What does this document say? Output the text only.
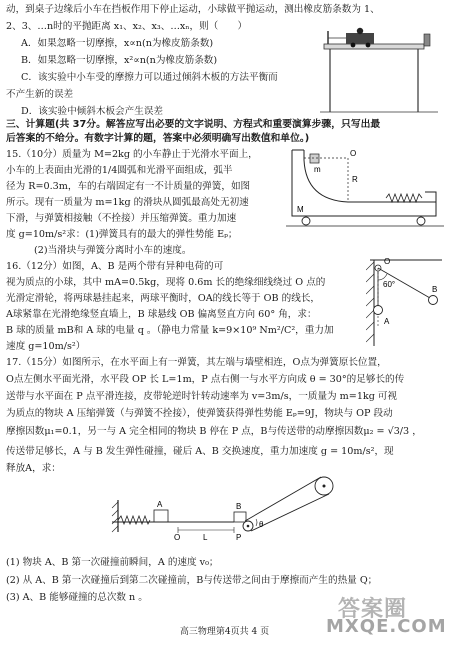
动，到桌子边缘后小车在挡板作用下停止运动，小球做平抛运动，测出橡皮筋条数为 1、
2、3、…n时的平抛距离 x₁、x₂、x₃、…xₙ，则（　　）
A．如果忽略一切摩擦，x∝n(n为橡皮筋条数)
B．如果忽略一切摩擦，x²∝n(n为橡皮筋条数)
C．该实验中小车受的摩擦力可以通过倾斜木板的方法平衡而
不产生新的误差
D．该实验中倾斜木板会产生误差
三、计算题(共 37分。解答应写出必要的文字说明、方程式和重要演算步骤，只写出最
后答案的不给分。有数字计算的题，答案中必须明确写出数值和单位。)
15.（10分）质量为 M=2kg 的小车静止于光滑水平面上，
小车的上表面由光滑的1/4圆弧和光滑平面组成，弧半
径为 R=0.3m，车的右端固定有一不计质量的弹簧，如图
所示。现有一质量为 m=1kg 的滑块从圆弧最高处无初速
下滑，与弹簧相接触（不拴接）并压缩弹簧。重力加速
度 g=10m/s²求：(1)弹簧具有的最大的弹性势能 Eₚ；
(2)当滑块与弹簧分离时小车的速度。
m
O
R
M
16.（12分）如图，A、B 是两个带有异种电荷的可
视为质点的小球，其中 mA=0.5kg，现将 0.6m 长的绝缘细线绕过 O 点的
光滑定滑轮，将两球悬挂起来，两球平衡时，OA的线长等于 OB 的线长，
A球紧靠在光滑绝缘竖直墙上，B 球悬线 OB 偏离竖直方向 60° 角，求：
B 球的质量 mB和 A 球的电量 q 。（静电力常量 k=9×10⁹ Nm²/C²，重力加
速度 g=10m/s²）
O
60°
A
B
17.（15分）如图所示，在水平面上有一弹簧，其左端与墙壁相连，O点为弹簧原长位置，
O点左侧水平面光滑，水平段 OP 长 L=1m，P 点右侧一与水平方向成 θ = 30°的足够长的传
送带与水平面在 P 点平滑连接，皮带轮逆时针转动速率为 v=3m/s，一质量为 m=1kg 可视
为质点的物块 A 压缩弹簧（与弹簧不拴接），使弹簧获得弹性势能 Eₚ=9J，物块与 OP 段动
摩擦因数μ₁=0.1，另一与 A 完全相同的物块 B 停在 P 点，B与传送带的动摩擦因数μ₂ = √3/3 ，
传送带足够长，A 与 B 发生弹性碰撞，碰后 A、B 交换速度，重力加速度 g = 10m/s²，现
释放A，求：
A	B
O	L	P
θ
(1) 物块 A、B 第一次碰撞前瞬间，A 的速度 v₀；
(2) 从 A、B 第一次碰撞后到第二次碰撞前，B与传送带之间由于摩擦而产生的热量 Q；
(3) A、B 能够碰撞的总次数 n 。
高三物理第4页共 4 页
答案圈
MXQE.COM
